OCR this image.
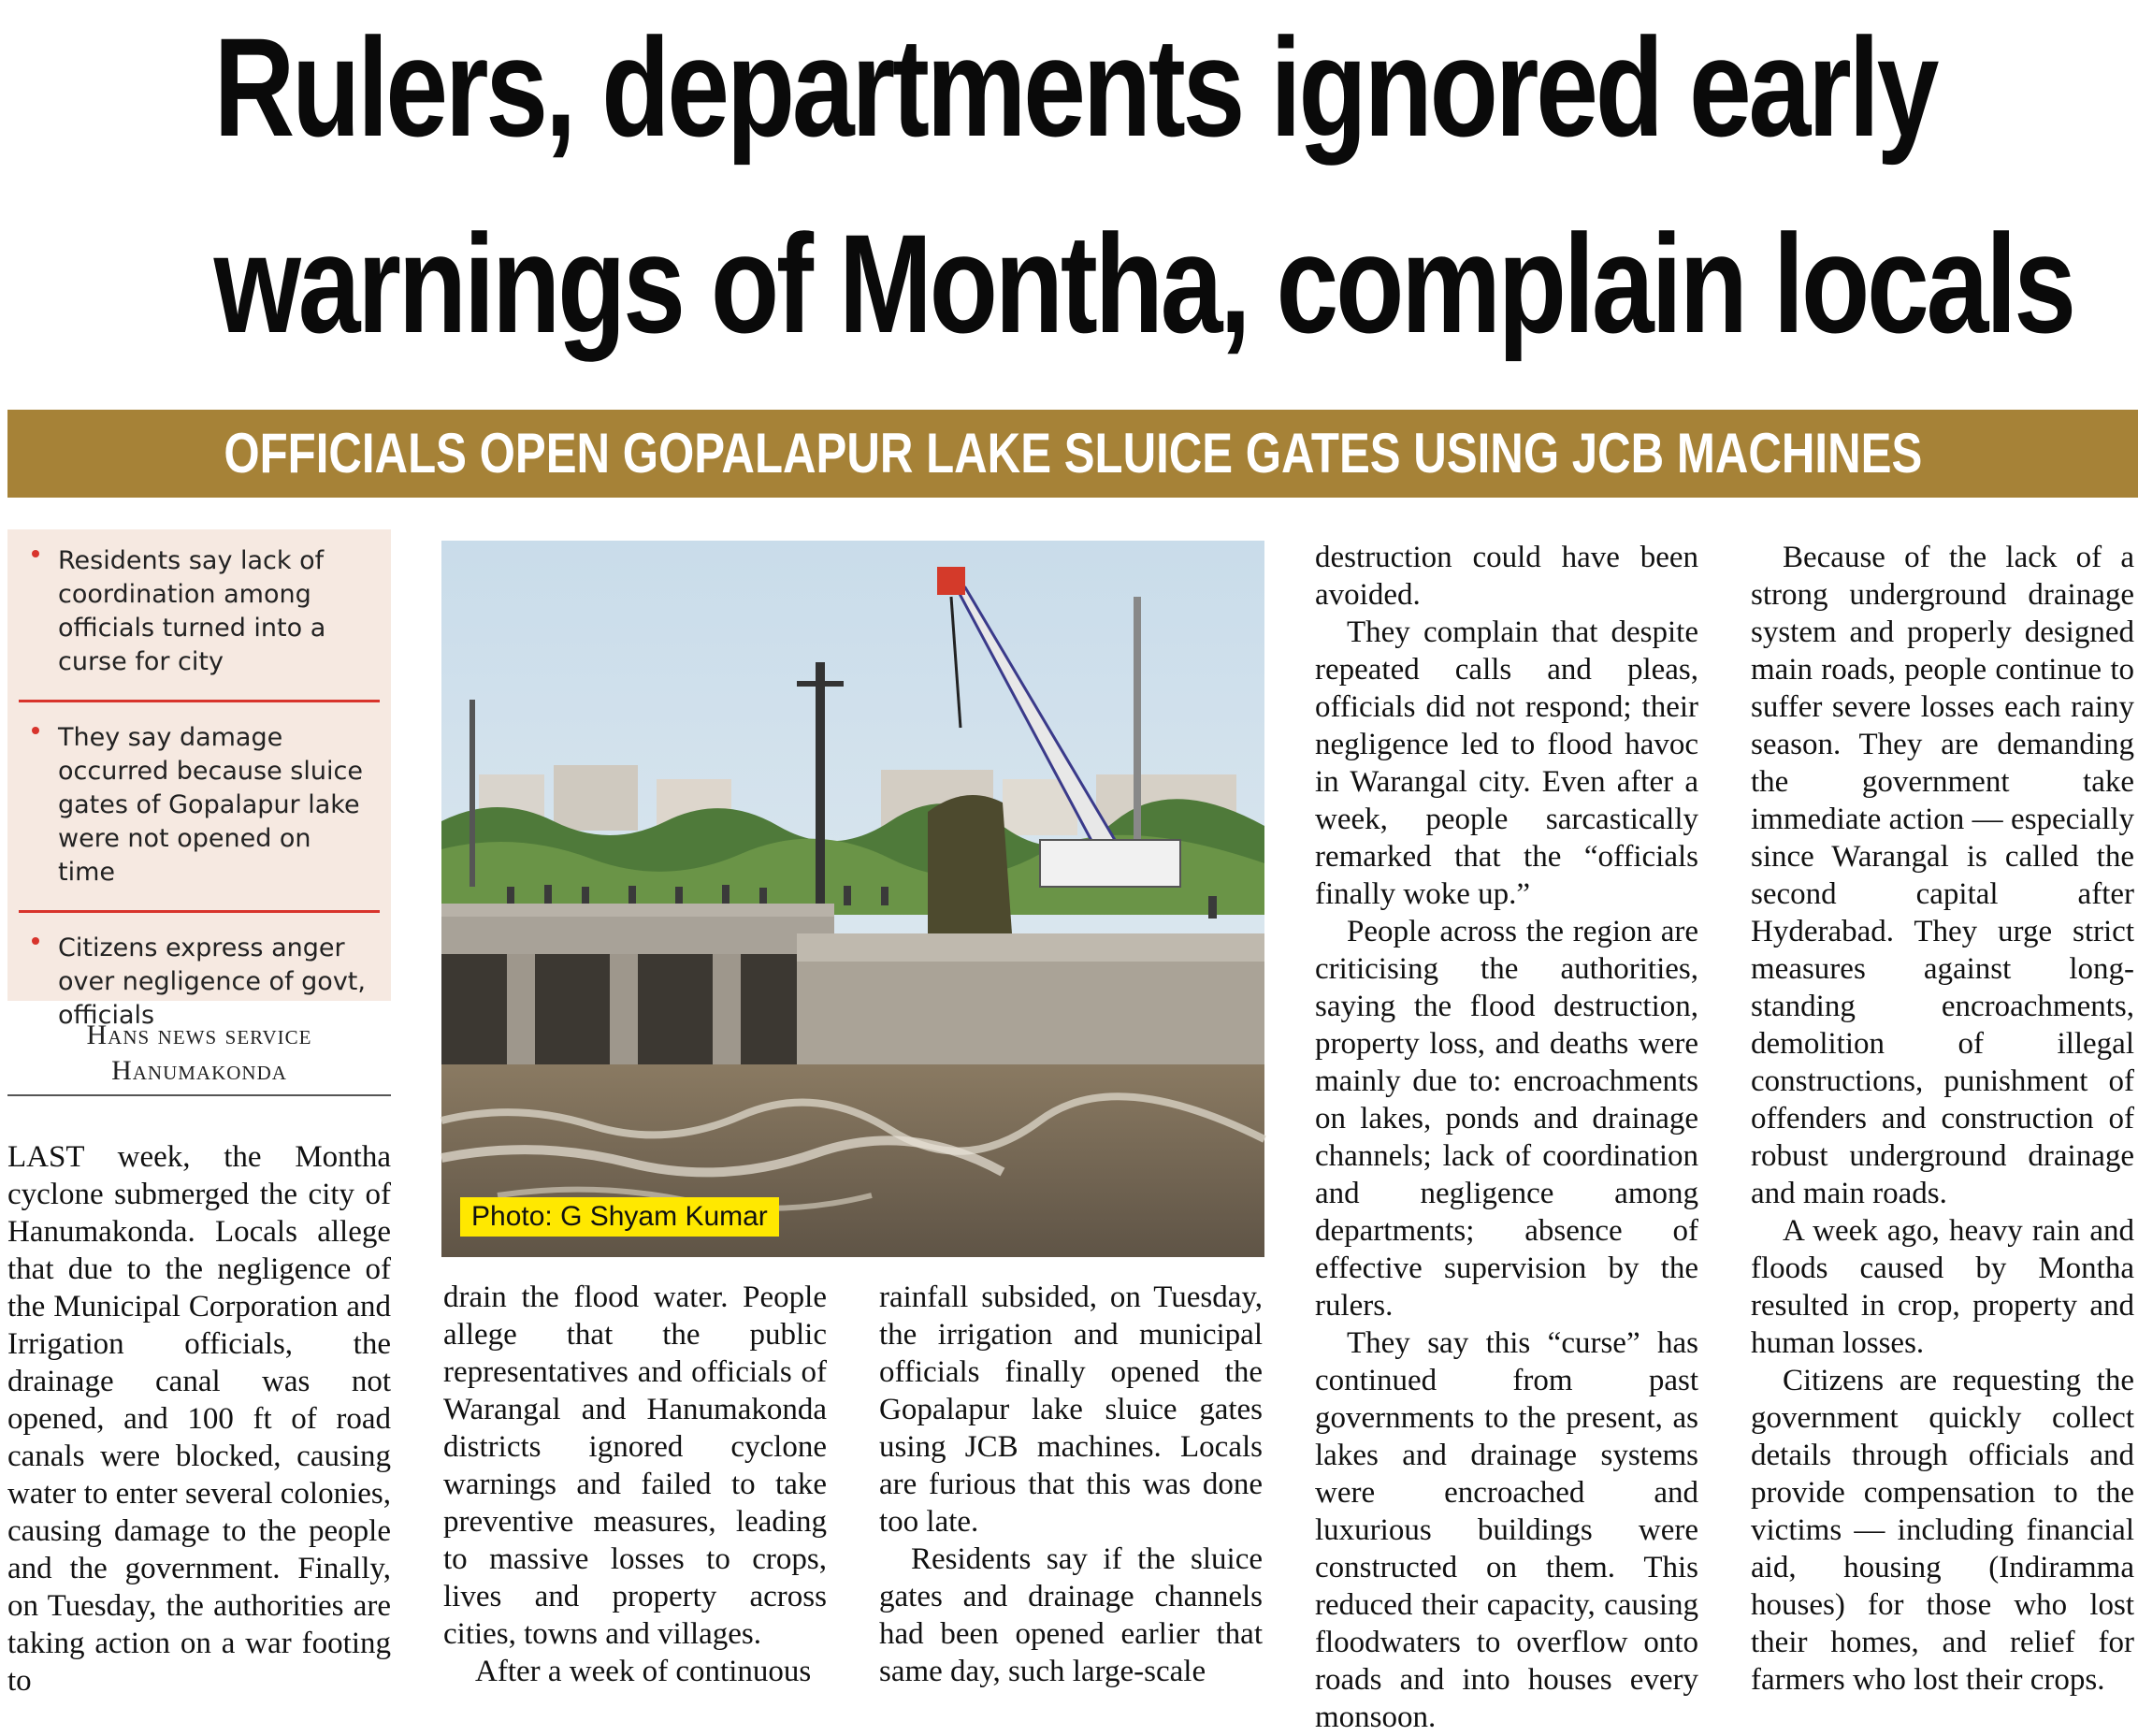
Rulers, departments ignored early
warnings of Montha, complain locals
OFFICIALS OPEN GOPALAPUR LAKE SLUICE GATES USING JCB MACHINES
Residents say lack of coordination among officials turned into a curse for city
They say damage occurred because sluice gates of Gopalapur lake were not opened on time
Citizens express anger over negligence of govt, officials
Hans news service
Hanumakonda
Photo: G Shyam Kumar

LAST week, the Montha cyclone submerged the city of Hanumakonda. Locals allege that due to the negligence of the Municipal Corporation and Irrigation officials, the drainage canal was not opened, and 100 ft of road canals were blocked, causing water to enter several colonies, causing damage to the people and the government. Finally, on Tuesday, the authorities are taking action on a war footing to

drain the flood water. People allege that the public representatives and officials of Warangal and Hanumakonda districts ignored cyclone warnings and failed to take preventive measures, leading to massive losses to crops, lives and property across cities, towns and villages.

After a week of continuous

rainfall subsided, on Tuesday, the irrigation and municipal officials finally opened the Gopalapur lake sluice gates using JCB machines. Locals are furious that this was done too late.

Residents say if the sluice gates and drainage channels had been opened earlier that same day, such large-scale

destruction could have been avoided.

They complain that despite repeated calls and pleas, officials did not respond; their negligence led to flood havoc in Warangal city. Even after a week, people sarcastically remarked that the “officials finally woke up.”

People across the region are criticising the authorities, saying the flood destruction, property loss, and deaths were mainly due to: encroachments on lakes, ponds and drainage channels; lack of coordination and negligence among departments; absence of effective supervision by the rulers.

They say this “curse” has continued from past governments to the present, as lakes and drainage systems were encroached and luxurious buildings were constructed on them. This reduced their capacity, causing floodwaters to overflow onto roads and into houses every monsoon.

Because of the lack of a strong underground drainage system and properly designed main roads, people continue to suffer severe losses each rainy season. They are demanding the government take immediate action — especially since Warangal is called the second capital after Hyderabad. They urge strict measures against long-standing encroachments, demolition of illegal constructions, punishment of offenders and construction of robust underground drainage and main roads.

A week ago, heavy rain and floods caused by Montha resulted in crop, property and human losses.

Citizens are requesting the government quickly collect details through officials and provide compensation to the victims — including financial aid, housing (Indiramma houses) for those who lost their homes, and relief for farmers who lost their crops.
